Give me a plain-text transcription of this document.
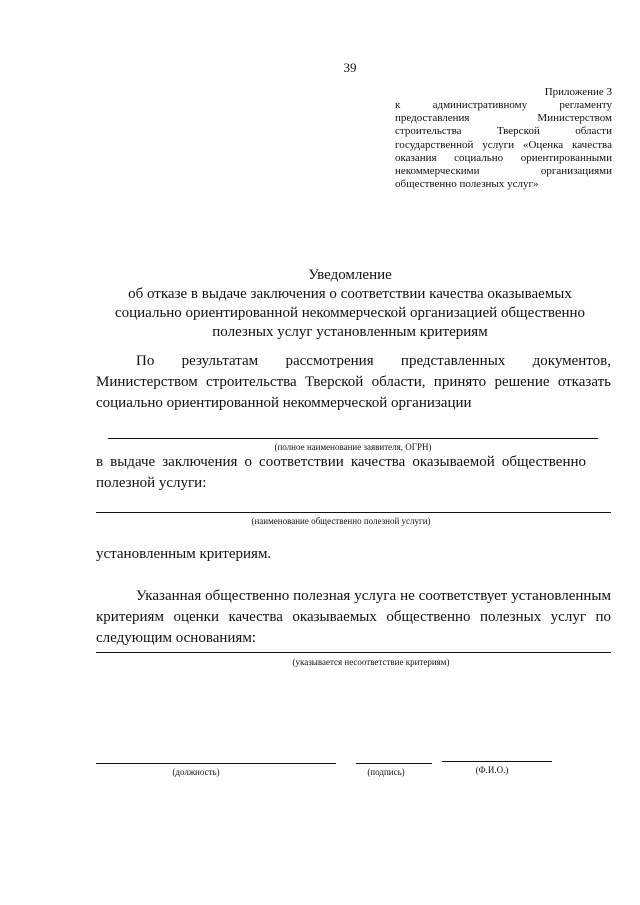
39
Приложение 3
к административному регламенту предоставления Министерством строительства Тверской области государственной услуги «Оценка качества оказания социально ориентированными некоммерческими организациями общественно полезных услуг»
Уведомление
об отказе в выдаче заключения о соответствии качества оказываемых социально ориентированной некоммерческой организацией общественно полезных услуг установленным критериям
По результатам рассмотрения представленных документов, Министерством строительства Тверской области, принято решение отказать социально ориентированной некоммерческой организации
(полное наименование заявителя, ОГРН)
в выдаче заключения о соответствии качества оказываемой общественно полезной услуги:
(наименование общественно полезной услуги)
установленным критериям.
Указанная общественно полезная услуга не соответствует установленным критериям оценки качества оказываемых общественно полезных услуг по следующим основаниям:
(указывается несоответствие критериям)
(должность)	(подпись)	(Ф.И.О.)
